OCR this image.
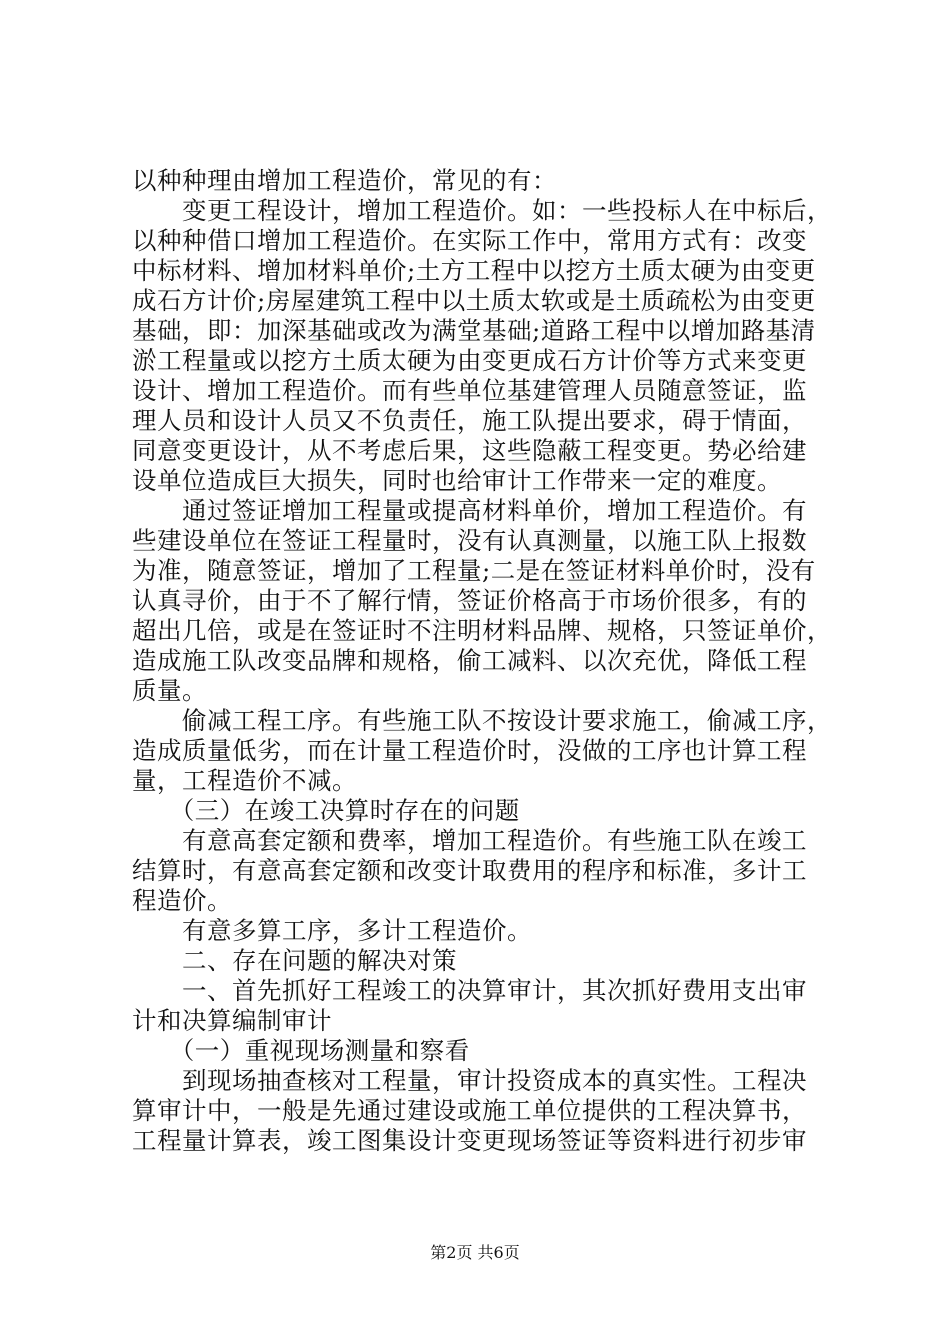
以种种理由增加工程造价，常见的有：
　　变更工程设计，增加工程造价。如：一些投标人在中标后，
以种种借口增加工程造价。在实际工作中，常用方式有：改变
中标材料、增加材料单价;土方工程中以挖方土质太硬为由变更
成石方计价;房屋建筑工程中以土质太软或是土质疏松为由变更
基础，即：加深基础或改为满堂基础;道路工程中以增加路基清
淤工程量或以挖方土质太硬为由变更成石方计价等方式来变更
设计、增加工程造价。而有些单位基建管理人员随意签证，监
理人员和设计人员又不负责任，施工队提出要求，碍于情面，
同意变更设计，从不考虑后果，这些隐蔽工程变更。势必给建
设单位造成巨大损失，同时也给审计工作带来一定的难度。
　　通过签证增加工程量或提高材料单价，增加工程造价。有
些建设单位在签证工程量时，没有认真测量，以施工队上报数
为准，随意签证，增加了工程量;二是在签证材料单价时，没有
认真寻价，由于不了解行情，签证价格高于市场价很多，有的
超出几倍，或是在签证时不注明材料品牌、规格，只签证单价，
造成施工队改变品牌和规格，偷工减料、以次充优，降低工程
质量。
　　偷减工程工序。有些施工队不按设计要求施工，偷减工序，
造成质量低劣，而在计量工程造价时，没做的工序也计算工程
量，工程造价不减。
　　（三）在竣工决算时存在的问题
　　有意高套定额和费率，增加工程造价。有些施工队在竣工
结算时，有意高套定额和改变计取费用的程序和标准，多计工
程造价。
　　有意多算工序，多计工程造价。
　　二、存在问题的解决对策
　　一、首先抓好工程竣工的决算审计，其次抓好费用支出审
计和决算编制审计
　　（一）重视现场测量和察看
　　到现场抽查核对工程量，审计投资成本的真实性。工程决
算审计中，一般是先通过建设或施工单位提供的工程决算书，
工程量计算表，竣工图集设计变更现场签证等资料进行初步审
第2页 共6页
